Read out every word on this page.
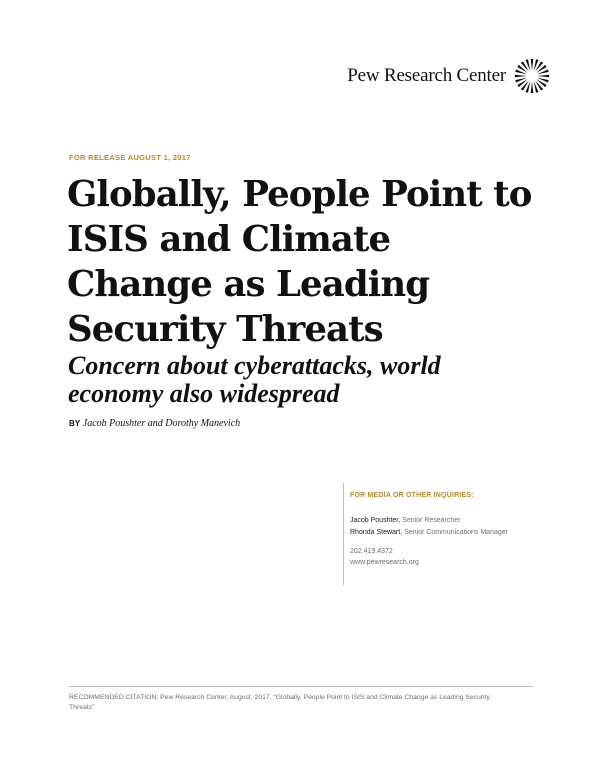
Pew Research Center
FOR RELEASE AUGUST 1, 2017
Globally, People Point to ISIS and Climate Change as Leading Security Threats
Concern about cyberattacks, world economy also widespread
BY Jacob Poushter and Dorothy Manevich
FOR MEDIA OR OTHER INQUIRIES:
Jacob Poushter, Senior Researcher
Rhonda Stewart, Senior Communications Manager
202.419.4372
www.pewresearch.org
RECOMMENDED CITATION: Pew Research Center, August, 2017, “Globally, People Point to ISIS and Climate Change as Leading Security Threats”
